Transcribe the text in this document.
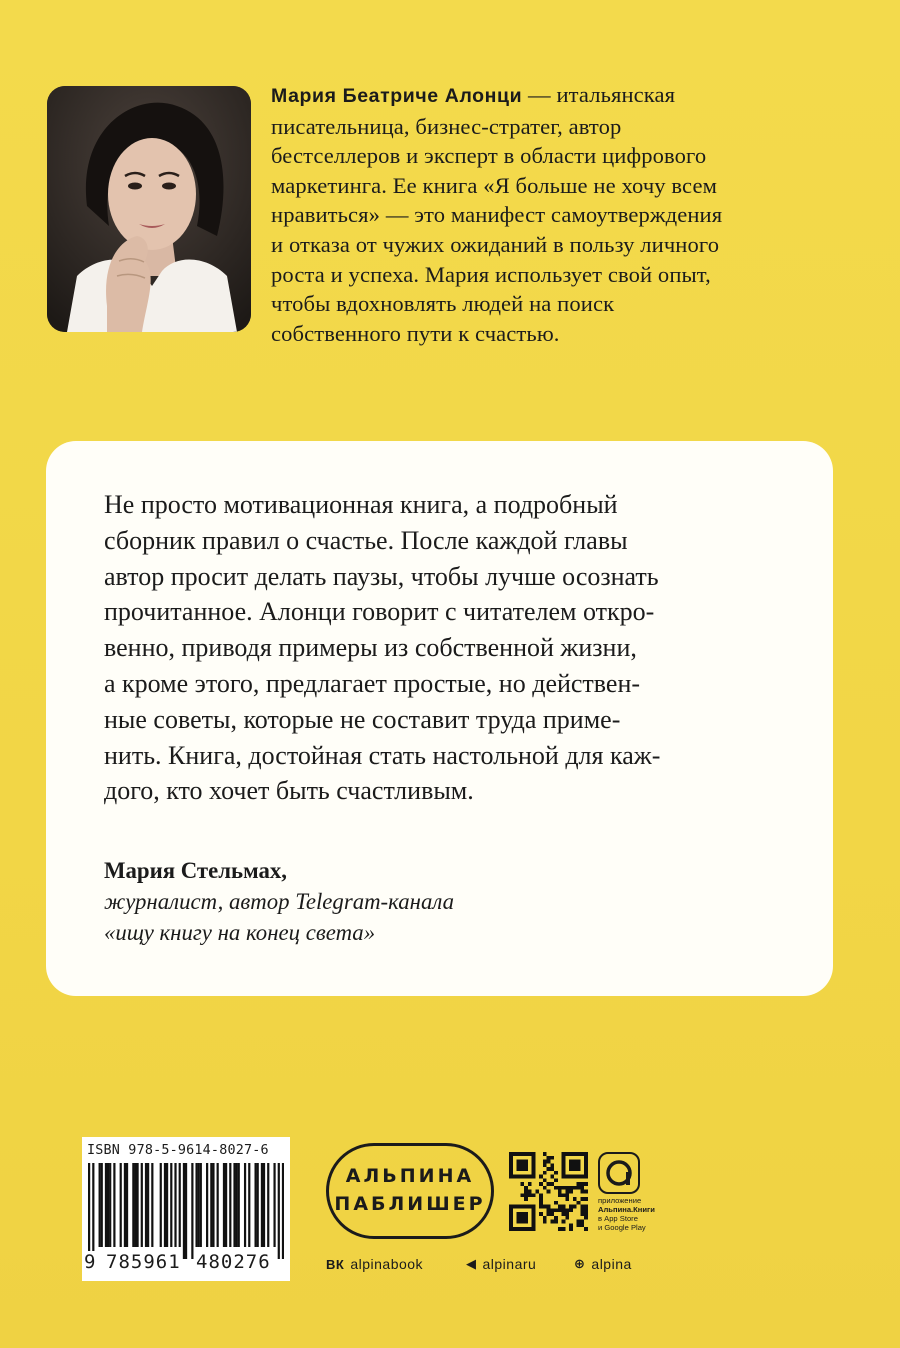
Мария Беатриче Алонци — итальянская
писательница, бизнес-стратег, автор
бестселлеров и эксперт в области цифрового
маркетинга. Ее книга «Я больше не хочу всем
нравиться» — это манифест самоутверждения
и отказа от чужих ожиданий в пользу личного
роста и успеха. Мария использует свой опыт,
чтобы вдохновлять людей на поиск
собственного пути к счастью.
Не просто мотивационная книга, а подробный
сборник правил о счастье. После каждой главы
автор просит делать паузы, чтобы лучше осознать
прочитанное. Алонци говорит с читателем откро-
венно, приводя примеры из собственной жизни,
а кроме этого, предлагает простые, но действен-
ные советы, которые не составит труда приме-
нить. Книга, достойная стать настольной для каж-
дого, кто хочет быть счастливым.
Мария Стельмах,
журналист, автор Telegram-канала
«ищу книгу на конец света»
ISBN 978-5-9614-8027-6
9 785961 480276
АЛЬПИНА
ПАБЛИШЕР	приложение
Альпина.Книги
в App Store
и Google Play
ВК alpinabook	◀ alpinaru	⊕ alpina
